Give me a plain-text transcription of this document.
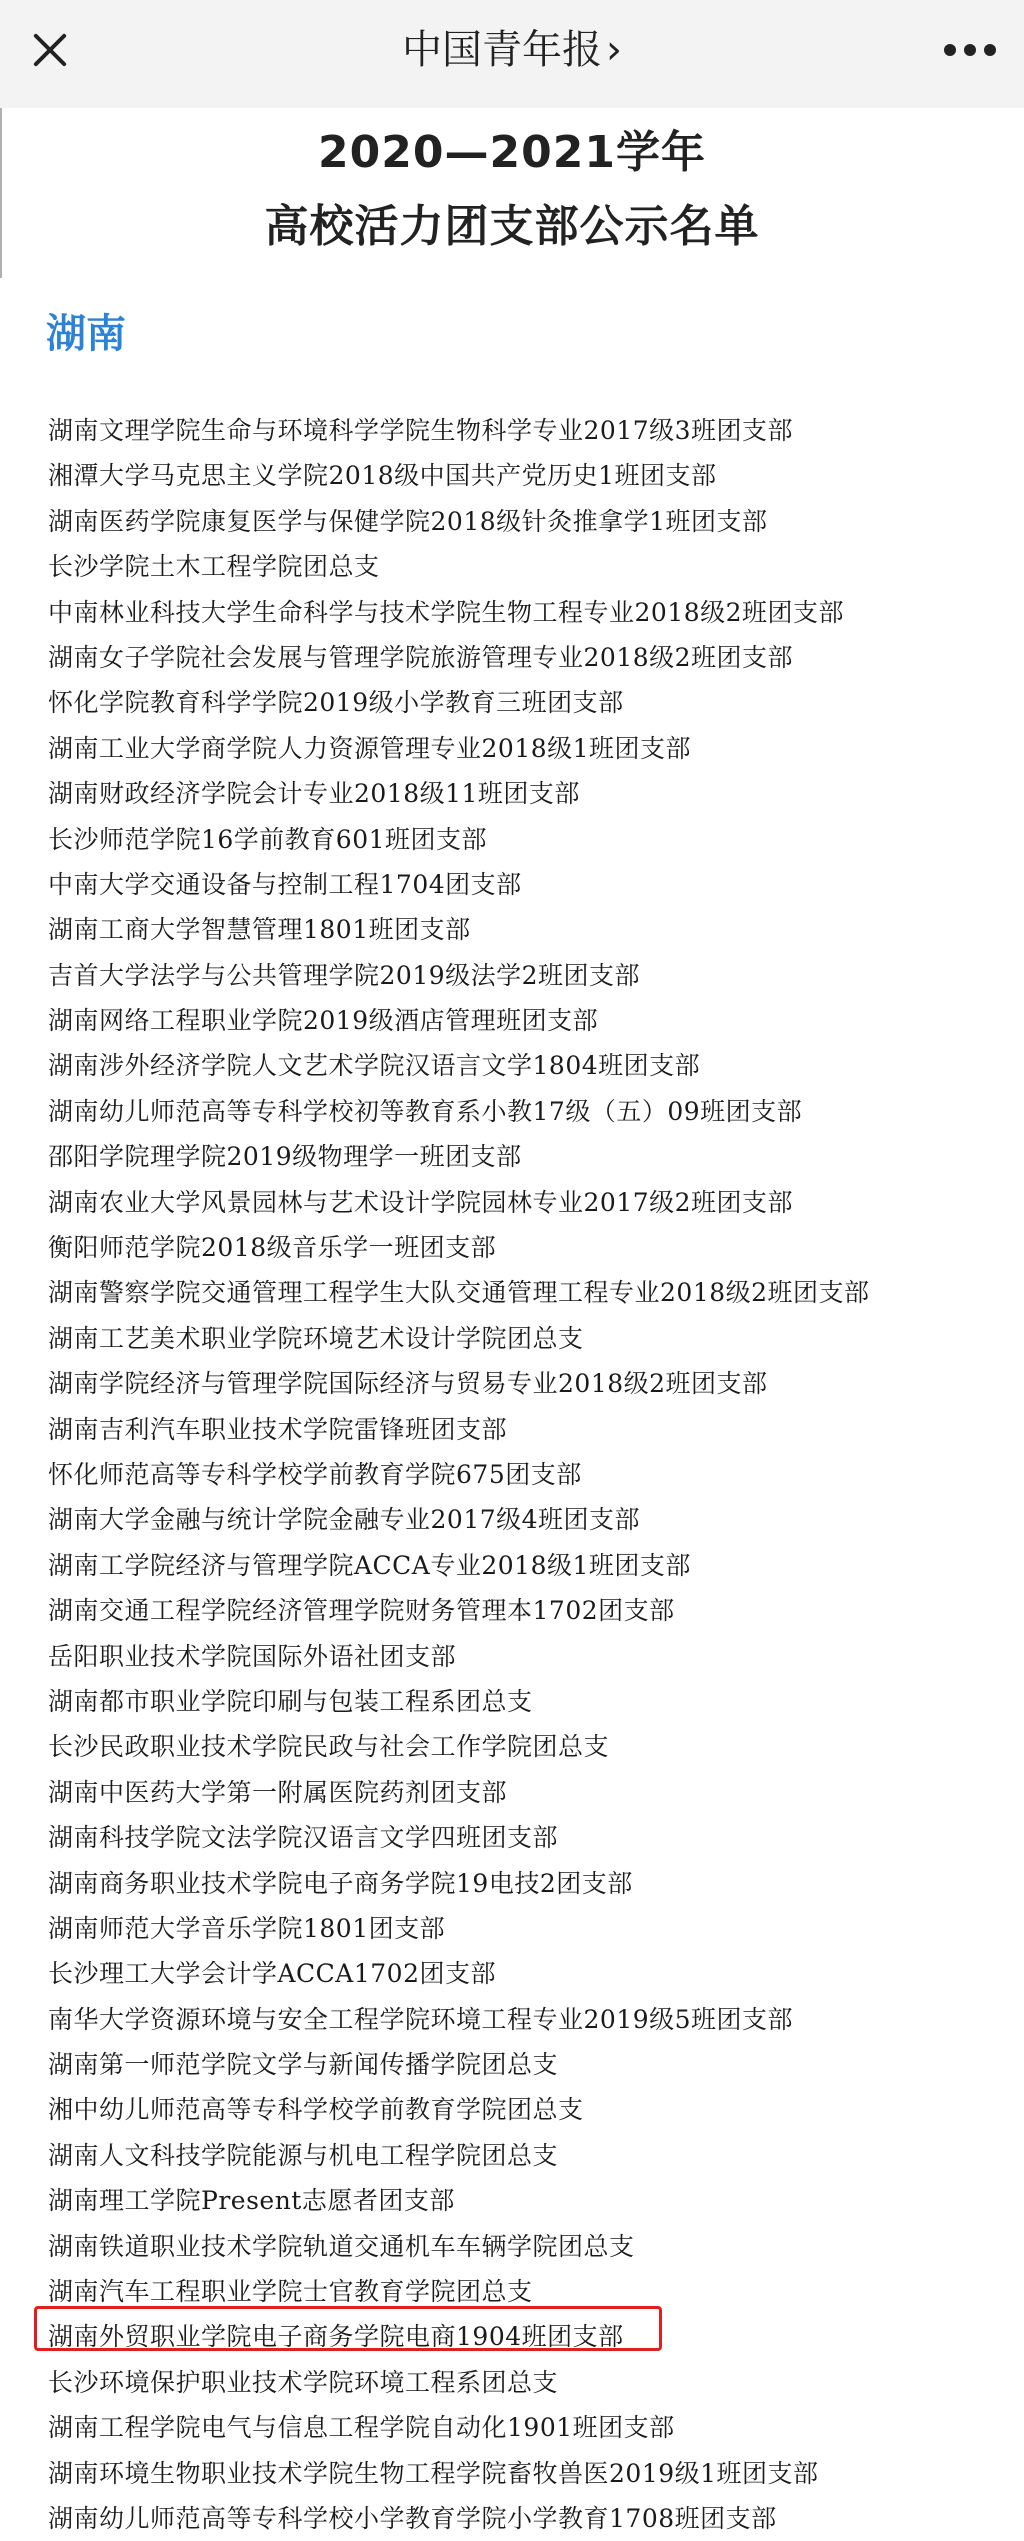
中国青年报 ›
2020—2021学年
高校活力团支部公示名单
湖南
湖南文理学院生命与环境科学学院生物科学专业2017级3班团支部
湘潭大学马克思主义学院2018级中国共产党历史1班团支部
湖南医药学院康复医学与保健学院2018级针灸推拿学1班团支部
长沙学院土木工程学院团总支
中南林业科技大学生命科学与技术学院生物工程专业2018级2班团支部
湖南女子学院社会发展与管理学院旅游管理专业2018级2班团支部
怀化学院教育科学学院2019级小学教育三班团支部
湖南工业大学商学院人力资源管理专业2018级1班团支部
湖南财政经济学院会计专业2018级11班团支部
长沙师范学院16学前教育601班团支部
中南大学交通设备与控制工程1704团支部
湖南工商大学智慧管理1801班团支部
吉首大学法学与公共管理学院2019级法学2班团支部
湖南网络工程职业学院2019级酒店管理班团支部
湖南涉外经济学院人文艺术学院汉语言文学1804班团支部
湖南幼儿师范高等专科学校初等教育系小教17级（五）09班团支部
邵阳学院理学院2019级物理学一班团支部
湖南农业大学风景园林与艺术设计学院园林专业2017级2班团支部
衡阳师范学院2018级音乐学一班团支部
湖南警察学院交通管理工程学生大队交通管理工程专业2018级2班团支部
湖南工艺美术职业学院环境艺术设计学院团总支
湖南学院经济与管理学院国际经济与贸易专业2018级2班团支部
湖南吉利汽车职业技术学院雷锋班团支部
怀化师范高等专科学校学前教育学院675团支部
湖南大学金融与统计学院金融专业2017级4班团支部
湖南工学院经济与管理学院ACCA专业2018级1班团支部
湖南交通工程学院经济管理学院财务管理本1702团支部
岳阳职业技术学院国际外语社团支部
湖南都市职业学院印刷与包装工程系团总支
长沙民政职业技术学院民政与社会工作学院团总支
湖南中医药大学第一附属医院药剂团支部
湖南科技学院文法学院汉语言文学四班团支部
湖南商务职业技术学院电子商务学院19电技2团支部
湖南师范大学音乐学院1801团支部
长沙理工大学会计学ACCA1702团支部
南华大学资源环境与安全工程学院环境工程专业2019级5班团支部
湖南第一师范学院文学与新闻传播学院团总支
湘中幼儿师范高等专科学校学前教育学院团总支
湖南人文科技学院能源与机电工程学院团总支
湖南理工学院Present志愿者团支部
湖南铁道职业技术学院轨道交通机车车辆学院团总支
湖南汽车工程职业学院士官教育学院团总支
湖南外贸职业学院电子商务学院电商1904班团支部
长沙环境保护职业技术学院环境工程系团总支
湖南工程学院电气与信息工程学院自动化1901班团支部
湖南环境生物职业技术学院生物工程学院畜牧兽医2019级1班团支部
湖南幼儿师范高等专科学校小学教育学院小学教育1708班团支部
